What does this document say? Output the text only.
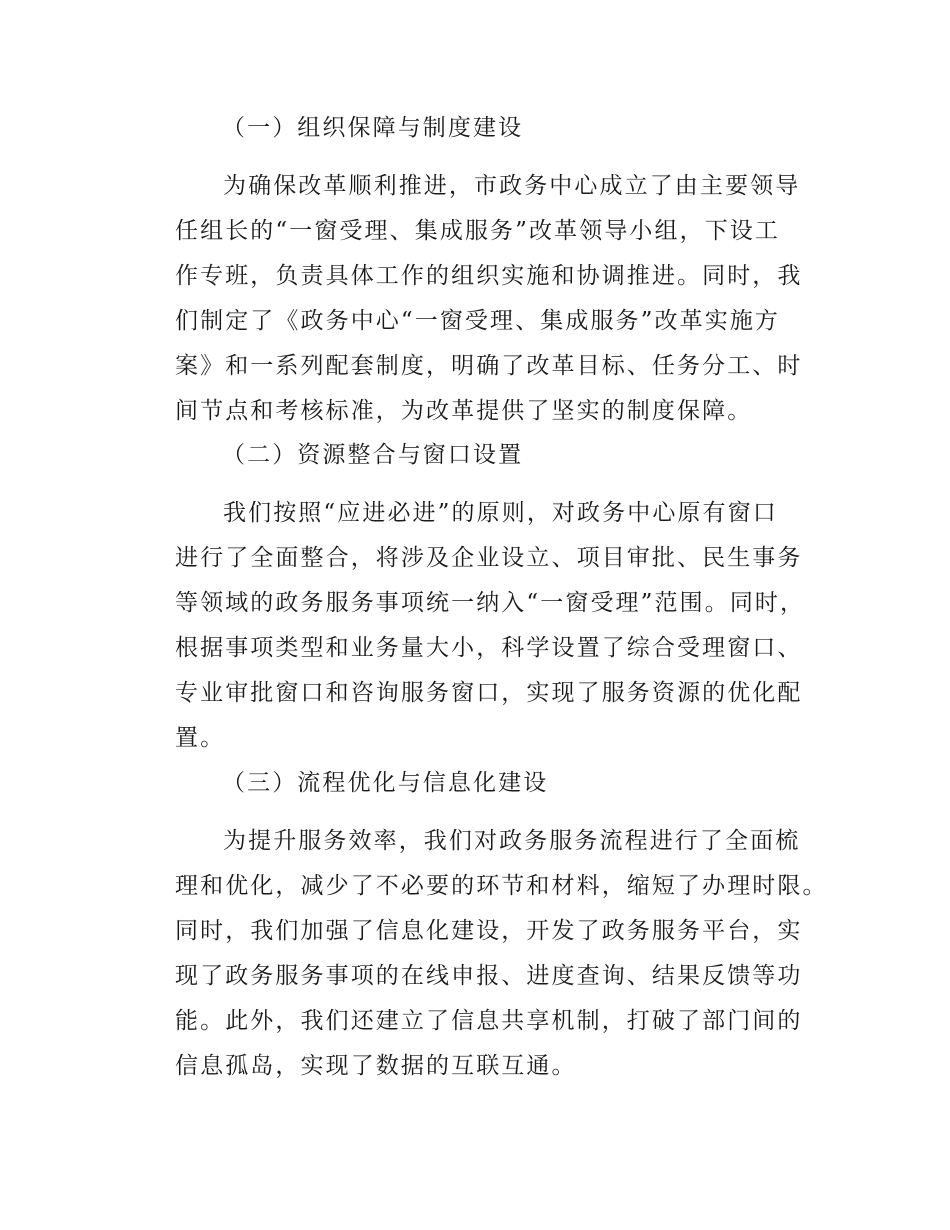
（一）组织保障与制度建设
为确保改革顺利推进，市政务中心成立了由主要领导
任组长的“一窗受理、集成服务”改革领导小组，下设工
作专班，负责具体工作的组织实施和协调推进。同时，我
们制定了《政务中心“一窗受理、集成服务”改革实施方
案》和一系列配套制度，明确了改革目标、任务分工、时
间节点和考核标准，为改革提供了坚实的制度保障。
（二）资源整合与窗口设置
我们按照“应进必进”的原则，对政务中心原有窗口
进行了全面整合，将涉及企业设立、项目审批、民生事务
等领域的政务服务事项统一纳入“一窗受理”范围。同时，
根据事项类型和业务量大小，科学设置了综合受理窗口、
专业审批窗口和咨询服务窗口，实现了服务资源的优化配
置。
（三）流程优化与信息化建设
为提升服务效率，我们对政务服务流程进行了全面梳
理和优化，减少了不必要的环节和材料，缩短了办理时限。
同时，我们加强了信息化建设，开发了政务服务平台，实
现了政务服务事项的在线申报、进度查询、结果反馈等功
能。此外，我们还建立了信息共享机制，打破了部门间的
信息孤岛，实现了数据的互联互通。
